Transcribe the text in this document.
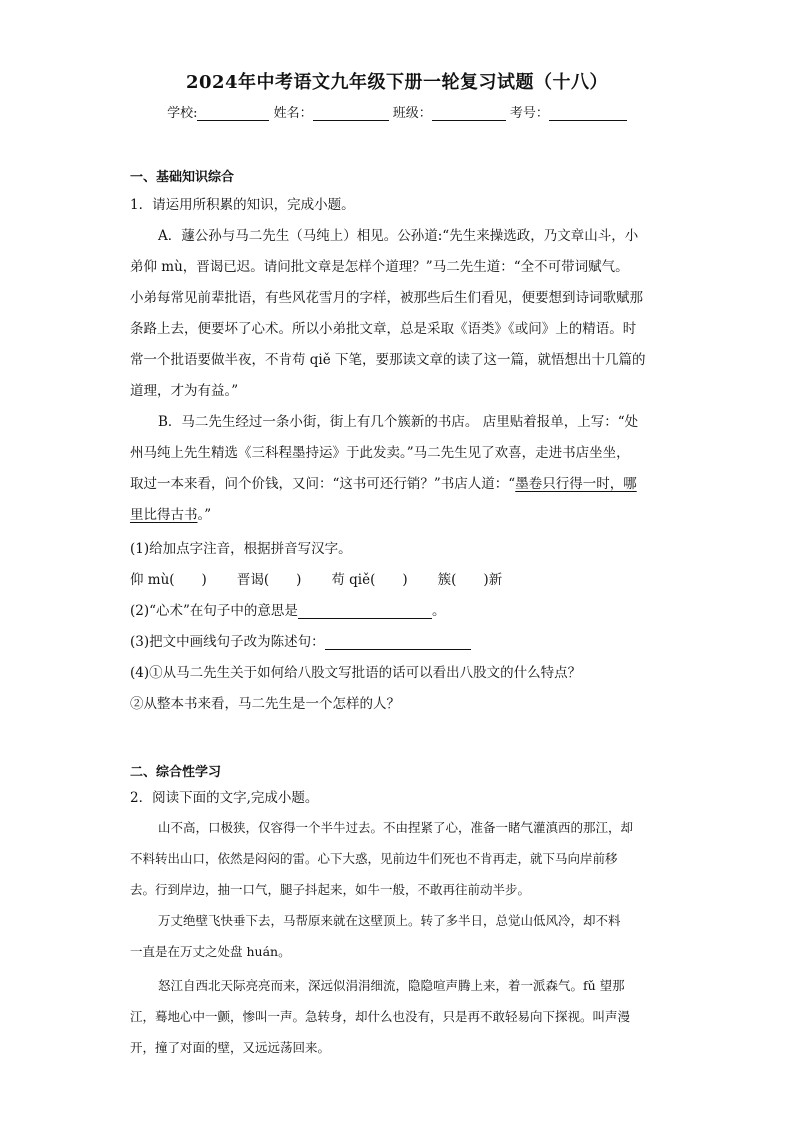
2024年中考语文九年级下册一轮复习试题（十八）
学校:	姓名：	班级：	考号：
一、基础知识综合
1．请运用所积累的知识，完成小题。
A．蘧公孙与马二先生（马纯上）相见。公孙道:“先生来操选政，乃文章山斗，小
弟仰 mù，晋谒已迟。请问批文章是怎样个道理？”马二先生道：“全不可带词赋气。
小弟每常见前辈批语，有些风花雪月的字样，被那些后生们看见，便要想到诗词歌赋那
条路上去，便要坏了心术。所以小弟批文章，总是采取《语类》《或问》上的精语。时
常一个批语要做半夜，不肯苟 qiě 下笔，要那读文章的读了这一篇，就悟想出十几篇的
道理，才为有益。”
B．马二先生经过一条小街，街上有几个簇新的书店。 店里贴着报单，上写：“处
州马纯上先生精选《三科程墨持运》于此发卖。”马二先生见了欢喜，走进书店坐坐，
取过一本来看，问个价钱，又问：“这书可还行销？”书店人道：“墨卷只行得一时，哪
里比得古书。”
(1)给加点字注音，根据拼音写汉字。
仰 mù(　　) 晋谒(　　) 苟 qiě(　　) 簇(　　)新
(2)“心术”在句子中的意思是	。
(3)把文中画线句子改为陈述句：
(4)①从马二先生关于如何给八股文写批语的话可以看出八股文的什么特点？
②从整本书来看，马二先生是一个怎样的人？
二、综合性学习
2．阅读下面的文字,完成小题。
山不高，口极狭，仅容得一个半牛过去。不由捏紧了心，准备一睹气灌滇西的那江，却
不料转出山口，依然是闷闷的雷。心下大惑，见前边牛们死也不肯再走，就下马向岸前移
去。行到岸边，抽一口气，腿子抖起来，如牛一般，不敢再往前动半步。
万丈绝壁飞快垂下去，马帮原来就在这壁顶上。转了多半日，总觉山低风冷，却不料
一直是在万丈之处盘 huán。
怒江自西北天际亮亮而来，深远似涓涓细流，隐隐喧声腾上来，着一派森气。fǔ 望那
江，蓦地心中一颤，惨叫一声。急转身，却什么也没有，只是再不敢轻易向下探视。叫声漫
开，撞了对面的壁，又远远荡回来。
